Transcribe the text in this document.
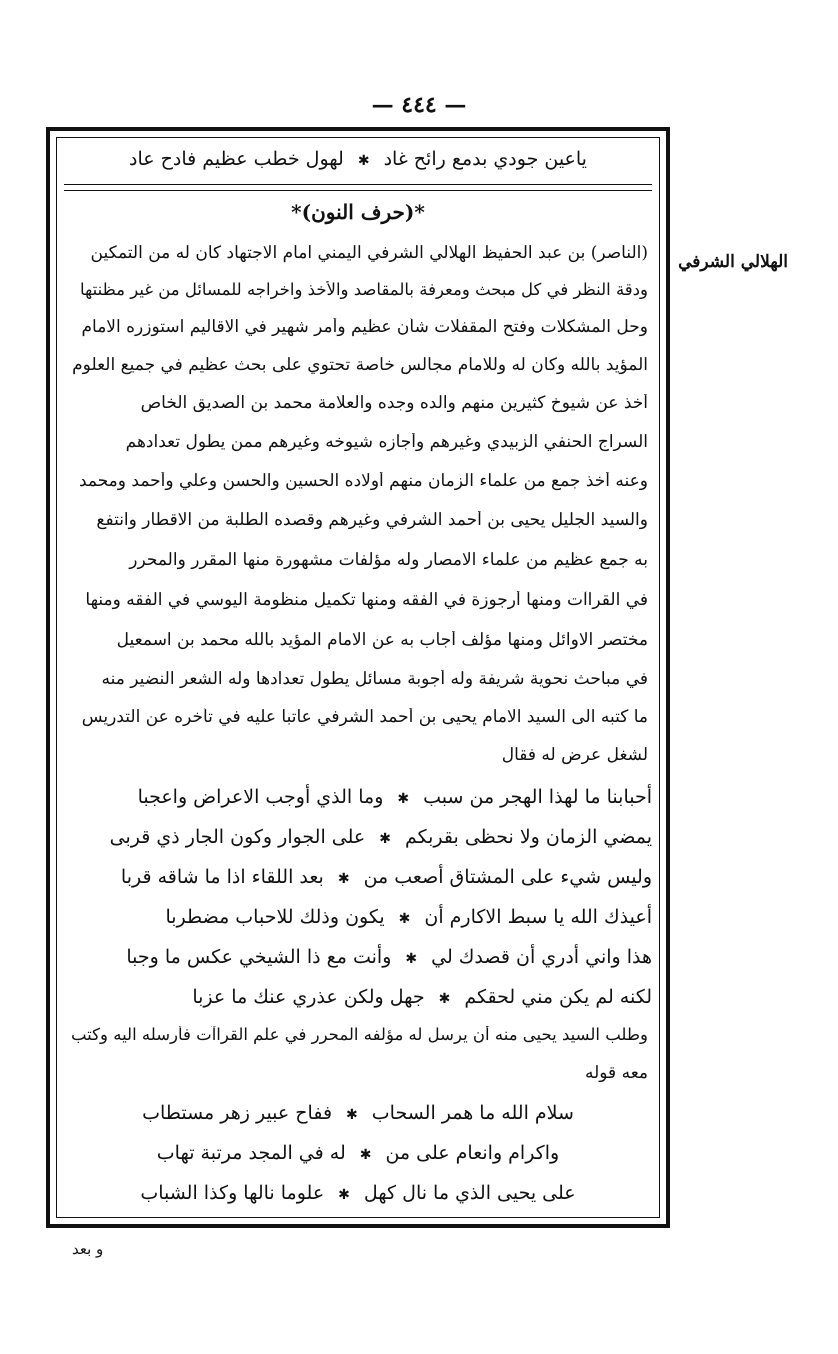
— ٤٤٤ —
ياعين جودي بدمع رائح غاد✱لهول خطب عظيم فادح عاد
*(حرف النون)*
الهلالي الشرفي
(الناصر) بن عبد الحفيظ الهلالي الشرفي اليمني امام الاجتهاد كان له من التمكين
ودقة النظر في كل مبحث ومعرفة بالمقاصد والأخذ واخراجه للمسائل من غير مظنتها
وحل المشكلات وفتح المقفلات شأن عظيم وأمر شهير في الاقاليم استوزره الامام
المؤيد بالله وكان له وللامام مجالس خاصة تحتوي على بحث عظيم في جميع العلوم
أخذ عن شيوخ كثيرين منهم والده وجده والعلامة محمد بن الصديق الخاص
السراج الحنفي الزبيدي وغيرهم وأجازه شيوخه وغيرهم ممن يطول تعدادهم
وعنه أخذ جمع من علماء الزمان منهم أولاده الحسين والحسن وعلي وأحمد ومحمد
والسيد الجليل يحيى بن أحمد الشرفي وغيرهم وقصده الطلبة من الاقطار وانتفع
به جمع عظيم من علماء الامصار وله مؤلفات مشهورة منها المقرر والمحرر
في القراآت ومنها أرجوزة في الفقه ومنها تكميل منظومة اليوسي في الفقه ومنها
مختصر الاوائل ومنها مؤلف أجاب به عن الامام المؤيد بالله محمد بن اسمعيل
في مباحث نحوية شريفة وله أجوبة مسائل يطول تعدادها وله الشعر النضير منه
ما كتبه الى السيد الامام يحيى بن أحمد الشرفي عاتبا عليه في تأخره عن التدريس
لشغل عرض له فقال
أحبابنا ما لهذا الهجر من سبب✱وما الذي أوجب الاعراض واعجبا
يمضي الزمان ولا نحظى بقربكم✱على الجوار وكون الجار ذي قربى
وليس شيء على المشتاق أصعب من✱بعد اللقاء اذا ما شاقه قربا
أعيذك الله يا سبط الاكارم أن✱يكون وذلك للاحباب مضطربا
هذا واني أدري أن قصدك لي✱وأنت مع ذا الشيخي عكس ما وجبا
لكنه لم يكن مني لحقكم✱جهل ولكن عذري عنك ما عزبا
وطلب السيد يحيى منه أن يرسل له مؤلفه المحرر في علم القراآت فأرسله اليه وكتب
معه قوله
سلام الله ما همر السحاب✱ففاح عبير زهر مستطاب
واكرام وانعام على من✱له في المجد مرتبة تهاب
على يحيى الذي ما نال كهل✱علوما نالها وكذا الشباب
و بعد
